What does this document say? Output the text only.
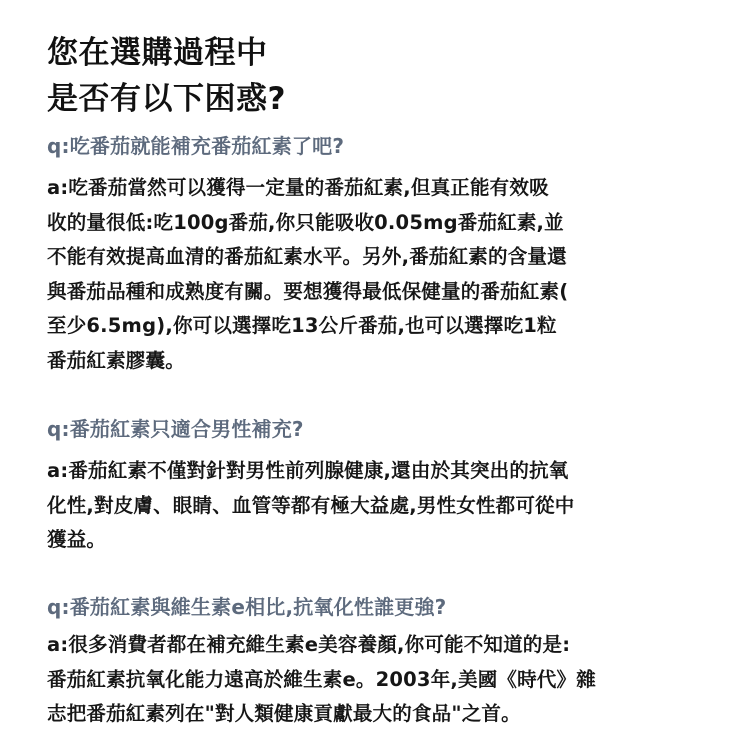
您在選購過程中
是否有以下困惑?
q:吃番茄就能補充番茄紅素了吧?
a:吃番茄當然可以獲得一定量的番茄紅素,但真正能有效吸
收的量很低:吃100g番茄,你只能吸收0.05mg番茄紅素,並
不能有效提高血清的番茄紅素水平。另外,番茄紅素的含量還
與番茄品種和成熟度有關。要想獲得最低保健量的番茄紅素(
至少6.5mg),你可以選擇吃13公斤番茄,也可以選擇吃1粒
番茄紅素膠囊。
q:番茄紅素只適合男性補充?
a:番茄紅素不僅對針對男性前列腺健康,還由於其突出的抗氧
化性,對皮膚、眼睛、血管等都有極大益處,男性女性都可從中
獲益。
q:番茄紅素與維生素e相比,抗氧化性誰更強?
a:很多消費者都在補充維生素e美容養顏,你可能不知道的是:
番茄紅素抗氧化能力遠高於維生素e。2003年,美國《時代》雜
志把番茄紅素列在"對人類健康貢獻最大的食品"之首。
